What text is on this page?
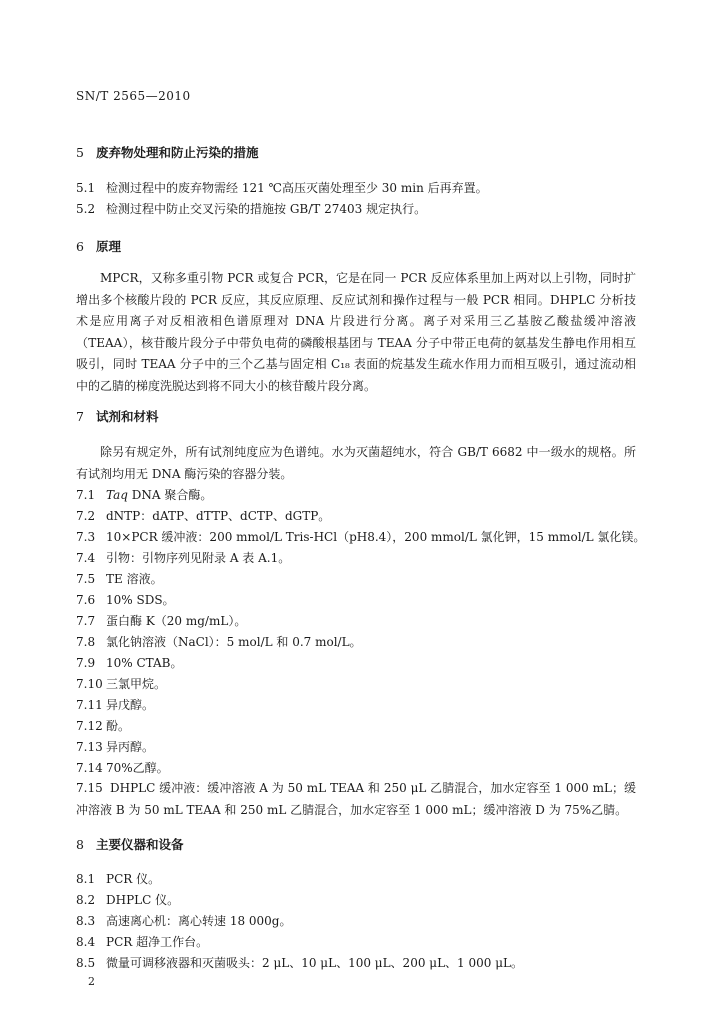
SN/T 2565—2010
5 废弃物处理和防止污染的措施
5.1 检测过程中的废弃物需经 121 ℃高压灭菌处理至少 30 min 后再弃置。
5.2 检测过程中防止交叉污染的措施按 GB/T 27403 规定执行。
6 原理
MPCR，又称多重引物 PCR 或复合 PCR，它是在同一 PCR 反应体系里加上两对以上引物，同时扩增出多个核酸片段的 PCR 反应，其反应原理、反应试剂和操作过程与一般 PCR 相同。DHPLC 分析技术是应用离子对反相液相色谱原理对 DNA 片段进行分离。离子对采用三乙基胺乙酸盐缓冲溶液（TEAA），核苷酸片段分子中带负电荷的磷酸根基团与 TEAA 分子中带正电荷的氨基发生静电作用相互吸引，同时 TEAA 分子中的三个乙基与固定相 C₁₈ 表面的烷基发生疏水作用力而相互吸引，通过流动相中的乙腈的梯度洗脱达到将不同大小的核苷酸片段分离。
7 试剂和材料
除另有规定外，所有试剂纯度应为色谱纯。水为灭菌超纯水，符合 GB/T 6682 中一级水的规格。所有试剂均用无 DNA 酶污染的容器分装。
7.1 Taq DNA 聚合酶。
7.2 dNTP：dATP、dTTP、dCTP、dGTP。
7.3 10×PCR 缓冲液：200 mmol/L Tris-HCl（pH8.4），200 mmol/L 氯化钾，15 mmol/L 氯化镁。
7.4 引物：引物序列见附录 A 表 A.1。
7.5 TE 溶液。
7.6 10% SDS。
7.7 蛋白酶 K（20 mg/mL）。
7.8 氯化钠溶液（NaCl）：5 mol/L 和 0.7 mol/L。
7.9 10% CTAB。
7.10 三氯甲烷。
7.11 异戊醇。
7.12 酚。
7.13 异丙醇。
7.14 70%乙醇。
7.15 DHPLC 缓冲液：缓冲溶液 A 为 50 mL TEAA 和 250 μL 乙腈混合，加水定容至 1 000 mL；缓冲溶液 B 为 50 mL TEAA 和 250 mL 乙腈混合，加水定容至 1 000 mL；缓冲溶液 D 为 75%乙腈。
8 主要仪器和设备
8.1 PCR 仪。
8.2 DHPLC 仪。
8.3 高速离心机：离心转速 18 000g。
8.4 PCR 超净工作台。
8.5 微量可调移液器和灭菌吸头：2 μL、10 μL、100 μL、200 μL、1 000 μL。
2
